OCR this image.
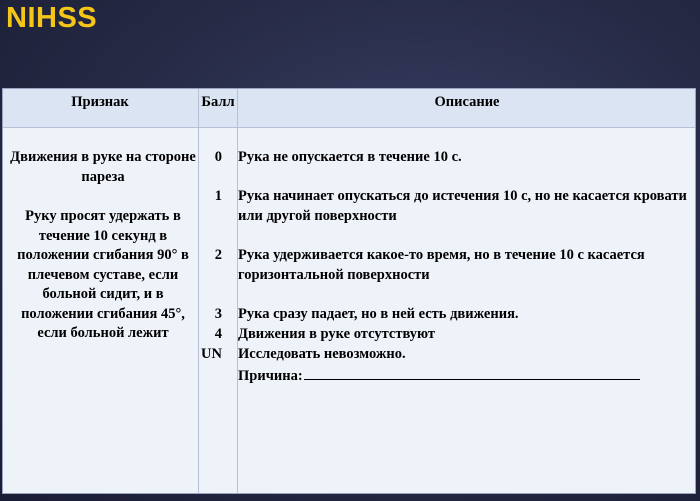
NIHSS
Признак	Балл	Описание

Движения в руке на стороне пареза

Руку просят удержать в течение 10 секунд в положении сгибания 90° в плечевом суставе, если больной сидит, и в положении сгибания 45°, если больной лежит

0 Рука не опускается в течение 10 с.
1 Рука начинает опускаться до истечения 10 с, но не касается кровати или другой поверхности
2 Рука удерживается какое-то время, но в течение 10 с касается горизонтальной поверхности
3 Рука сразу падает, но в ней есть движения.
4 Движения в руке отсутствуют
UN Исследовать невозможно.
Причина:
